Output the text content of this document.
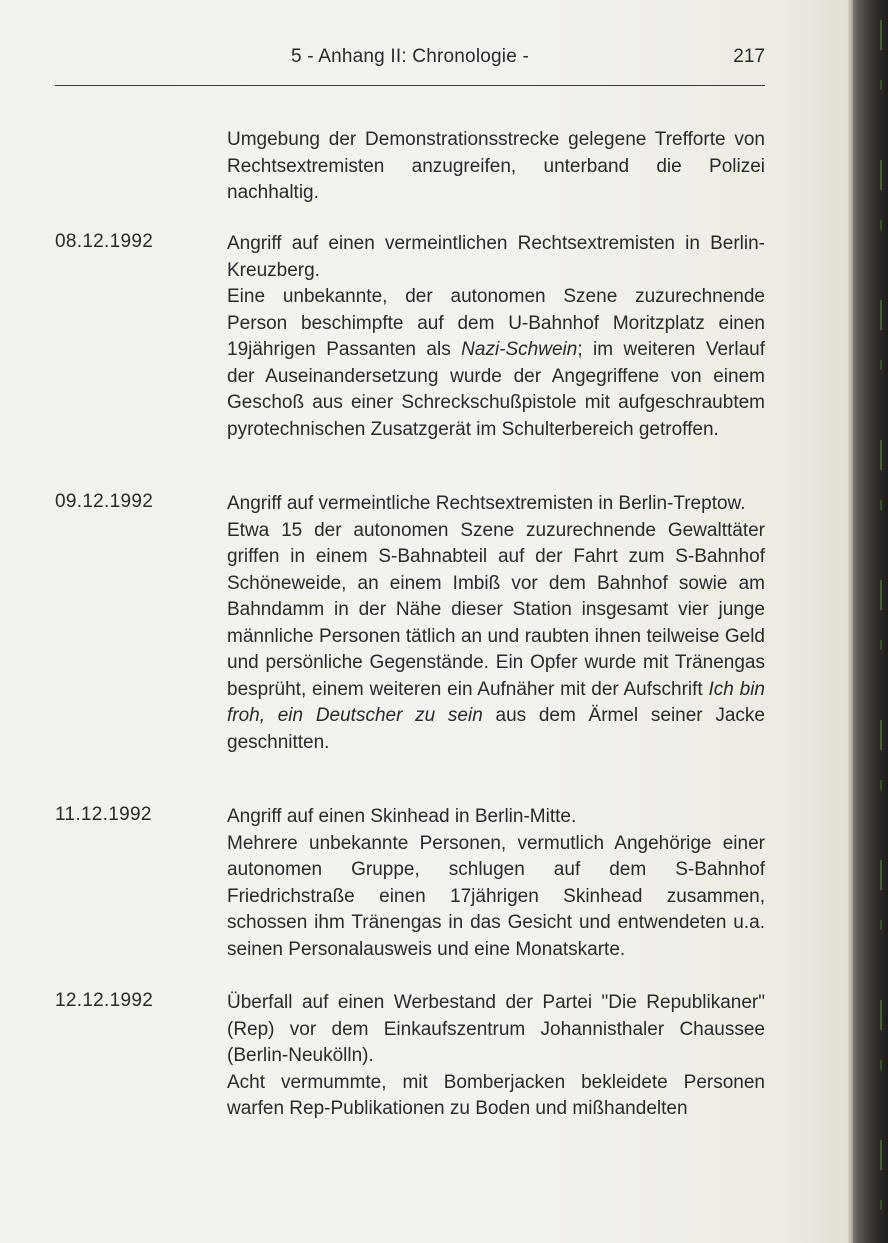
5 - Anhang II: Chronologie -	217

Umgebung der Demonstrationsstrecke gelegene Trefforte von Rechtsextremisten anzugreifen, unterband die Polizei nachhaltig.

08.12.1992	Angriff auf einen vermeintlichen Rechtsextremisten in Berlin-Kreuzberg.

Eine unbekannte, der autonomen Szene zuzurechnende Person beschimpfte auf dem U-Bahnhof Moritzplatz einen 19jährigen Passanten als Nazi-Schwein; im weiteren Verlauf der Auseinandersetzung wurde der Angegriffene von einem Geschoß aus einer Schreckschußpistole mit aufgeschraubtem pyrotechnischen Zusatzgerät im Schulterbereich getroffen.

09.12.1992	Angriff auf vermeintliche Rechtsextremisten in Berlin-Treptow.

Etwa 15 der autonomen Szene zuzurechnende Gewalttäter griffen in einem S-Bahnabteil auf der Fahrt zum S-Bahnhof Schöneweide, an einem Imbiß vor dem Bahnhof sowie am Bahndamm in der Nähe dieser Station insgesamt vier junge männliche Personen tätlich an und raubten ihnen teilweise Geld und persönliche Gegenstände. Ein Opfer wurde mit Tränengas besprüht, einem weiteren ein Aufnäher mit der Aufschrift Ich bin froh, ein Deutscher zu sein aus dem Ärmel seiner Jacke geschnitten.

11.12.1992	Angriff auf einen Skinhead in Berlin-Mitte.

Mehrere unbekannte Personen, vermutlich Angehörige einer autonomen Gruppe, schlugen auf dem S-Bahnhof Friedrichstraße einen 17jährigen Skinhead zusammen, schossen ihm Tränengas in das Gesicht und entwendeten u.a. seinen Personalausweis und eine Monatskarte.

12.12.1992	Überfall auf einen Werbestand der Partei "Die Republikaner" (Rep) vor dem Einkaufszentrum Johannisthaler Chaussee (Berlin-Neukölln).

Acht vermummte, mit Bomberjacken bekleidete Personen warfen Rep-Publikationen zu Boden und mißhandelten
